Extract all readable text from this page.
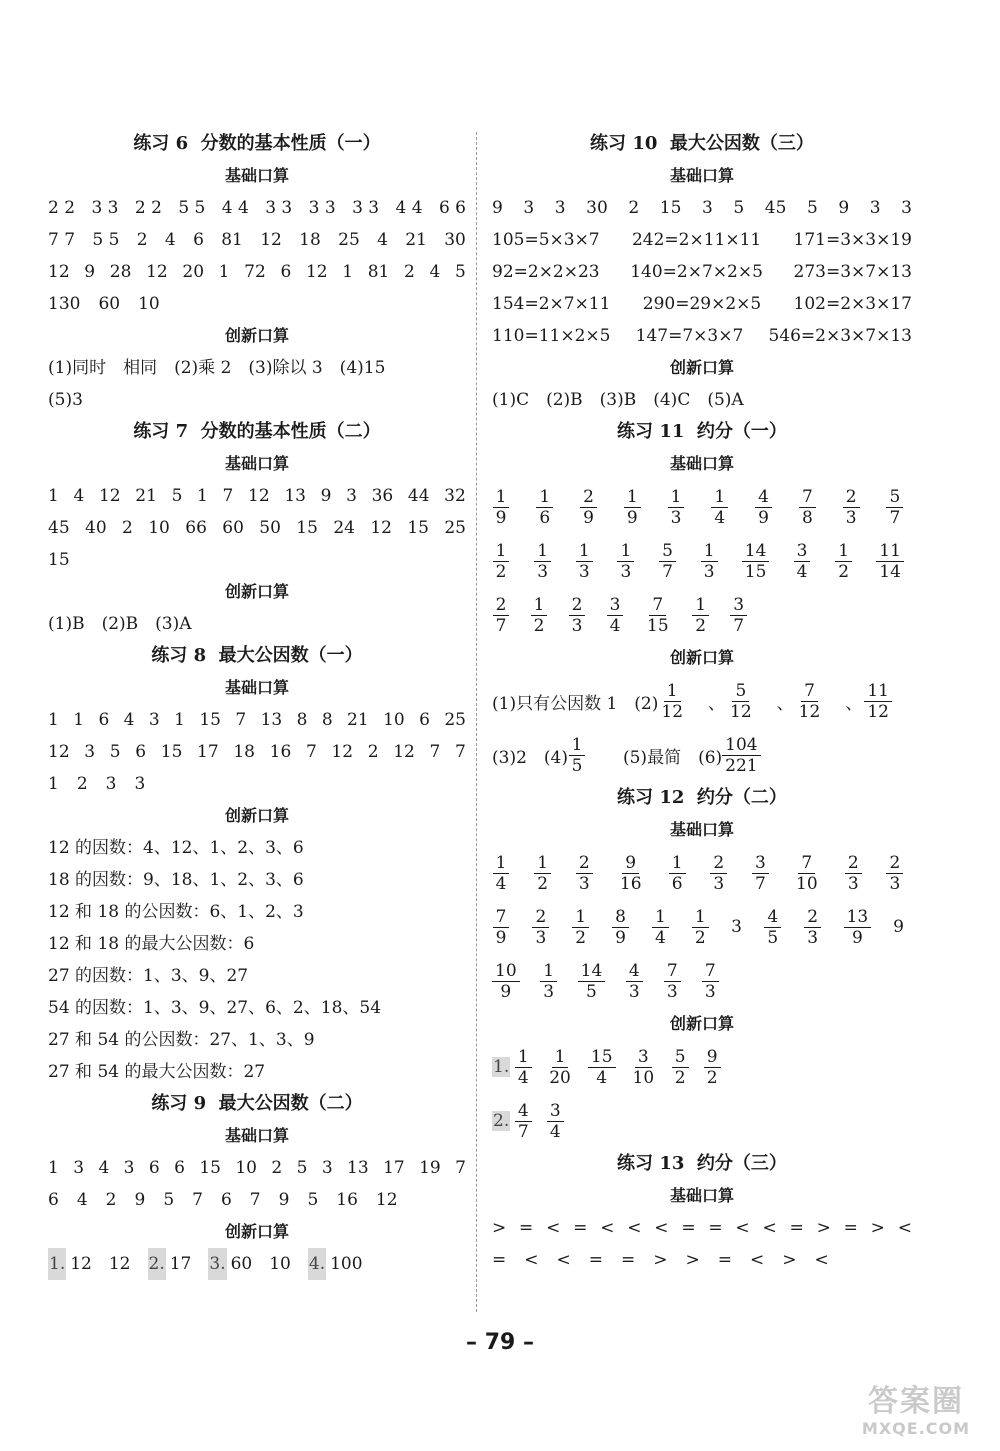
练习 6  分数的基本性质（一）
基础口算
2 2 3 3 2 2 5 5 4 4 3 3 3 3 3 3 4 4 6 6
7 7 5 5 2 4 6 81 12 18 25 4 21 30
12 9 28 12 20 1 72 6 12 1 81 2 4 5
130 60 10
创新口算
(1)同时　相同　(2)乘 2　(3)除以 3　(4)15
(5)3
练习 7  分数的基本性质（二）
基础口算
1 4 12 21 5 1 7 12 13 9 3 36 44 32
45 40 2 10 66 60 50 15 24 12 15 25
15
创新口算
(1)B　(2)B　(3)A
练习 8  最大公因数（一）
基础口算
1 1 6 4 3 1 15 7 13 8 8 21 10 6 25
12 3 5 6 15 17 18 16 7 12 2 12 7 7
1 2 3 3
创新口算
12 的因数：4、12、1、2、3、6
18 的因数：9、18、1、2、3、6
12 和 18 的公因数：6、1、2、3
12 和 18 的最大公因数：6
27 的因数：1、3、9、27
54 的因数：1、3、9、27、6、2、18、54
27 和 54 的公因数：27、1、3、9
27 和 54 的最大公因数：27
练习 9  最大公因数（二）
基础口算
1 3 4 3 6 6 15 10 2 5 3 13 17 19 7
6 4 2 9 5 7 6 7 9 5 16 12
创新口算
1. 12　12　 2. 17　 3. 60　10　 4. 100
练习 10  最大公因数（三）
基础口算
9 3 3 30 2 15 3 5 45 5 9 3 3
105=5×3×7 242=2×11×11 171=3×3×19
92=2×2×23 140=2×7×2×5 273=3×7×13
154=2×7×11 290=29×2×5 102=2×3×17
110=11×2×5 147=7×3×7 546=2×3×7×13
创新口算
(1)C　(2)B　(3)B　(4)C　(5)A
练习 11  约分（一）
基础口算
$\frac{1}{9} \frac{1}{6} \frac{2}{9} \frac{1}{9} \frac{1}{3} \frac{1}{4} \frac{4}{9} \frac{7}{8} \frac{2}{3} \frac{5}{7}$
$\frac{1}{2} \frac{1}{3} \frac{1}{3} \frac{1}{3} \frac{5}{7} \frac{1}{3} \frac{14}{15} \frac{3}{4} \frac{1}{2} \frac{11}{14}$
$\frac{2}{7} \frac{1}{2} \frac{2}{3} \frac{3}{4} \frac{7}{15} \frac{1}{2} \frac{3}{7}$
创新口算
(1)只有公因数 1　$(2) \frac{1}{12}$ 、 $\frac{5}{12}$ 、 $\frac{7}{12}$ 、 $\frac{11}{12}$
(3)2　$(4) \frac{1}{5}$ 　(5)最简　$(6) \frac{104}{221}$
练习 12  约分（二）
基础口算
$\frac{1}{4} \frac{1}{2} \frac{2}{3} \frac{9}{16} \frac{1}{6} \frac{2}{3} \frac{3}{7} \frac{7}{10} \frac{2}{3} \frac{2}{3}$
$\frac{7}{9} \frac{2}{3} \frac{1}{2} \frac{8}{9} \frac{1}{4} \frac{1}{2} 3 \frac{4}{5} \frac{2}{3} \frac{13}{9} 9$
$\frac{10}{9} \frac{1}{3} \frac{14}{5} \frac{4}{3} \frac{7}{3} \frac{7}{3}$
创新口算
1. $\frac{1}{4} \frac{1}{20} \frac{15}{4} \frac{3}{10} \frac{5}{2} \frac{9}{2}$
2. $\frac{4}{7} \frac{3}{4}$
练习 13  约分（三）
基础口算
> = < = < < < = = < < = > = > <
= < < = = > > = < > <
– 79 –
答案圈
MXQE.COM
